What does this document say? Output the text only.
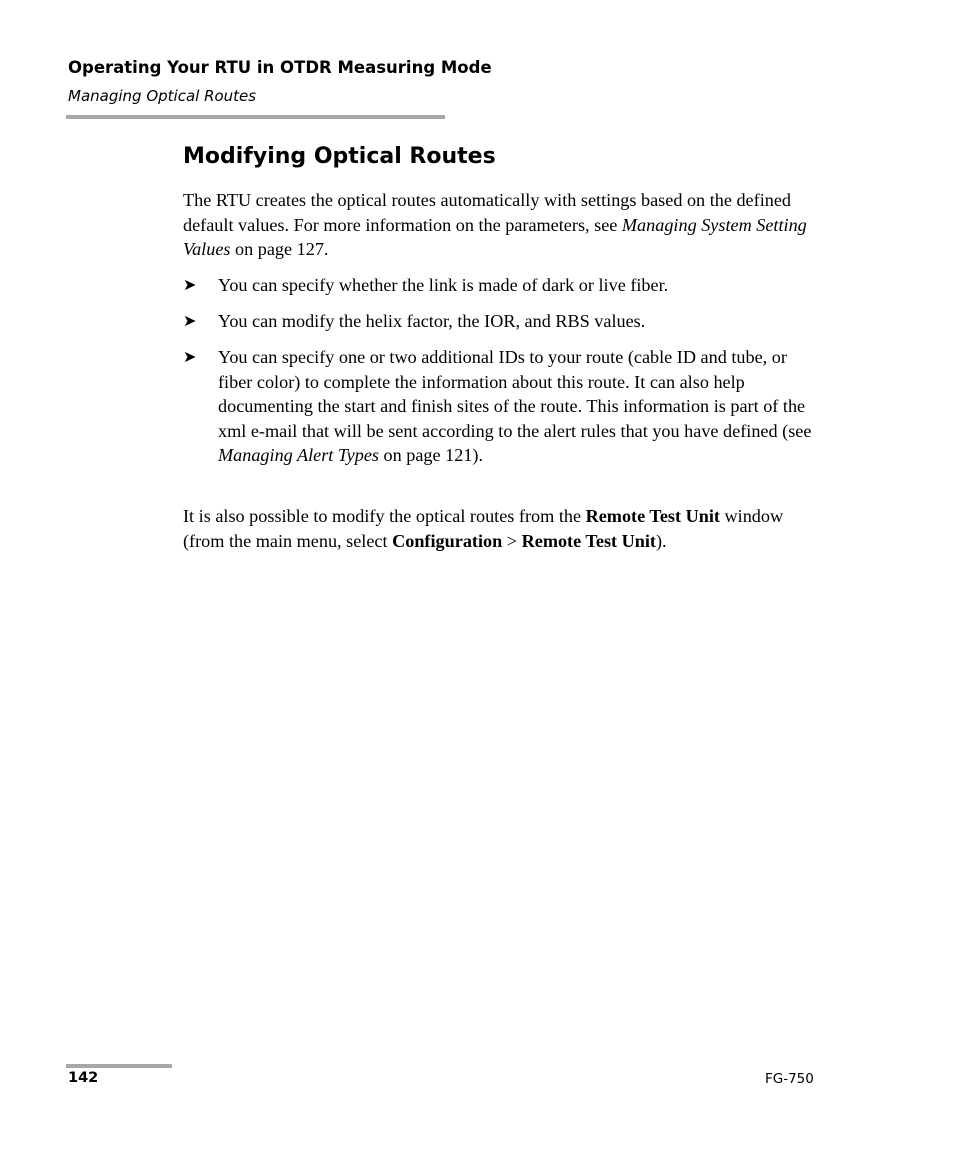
Operating Your RTU in OTDR Measuring Mode
Managing Optical Routes
Modifying Optical Routes

The RTU creates the optical routes automatically with settings based on the defined default values. For more information on the parameters, see Managing System Setting Values on page 127.

➤	You can specify whether the link is made of dark or live fiber.

➤	You can modify the helix factor, the IOR, and RBS values.

➤	You can specify one or two additional IDs to your route (cable ID and tube, or fiber color) to complete the information about this route. It can also help documenting the start and finish sites of the route. This information is part of the xml e-mail that will be sent according to the alert rules that you have defined (see Managing Alert Types on page 121).

It is also possible to modify the optical routes from the Remote Test Unit window (from the main menu, select Configuration > Remote Test Unit).

142	FG-750
